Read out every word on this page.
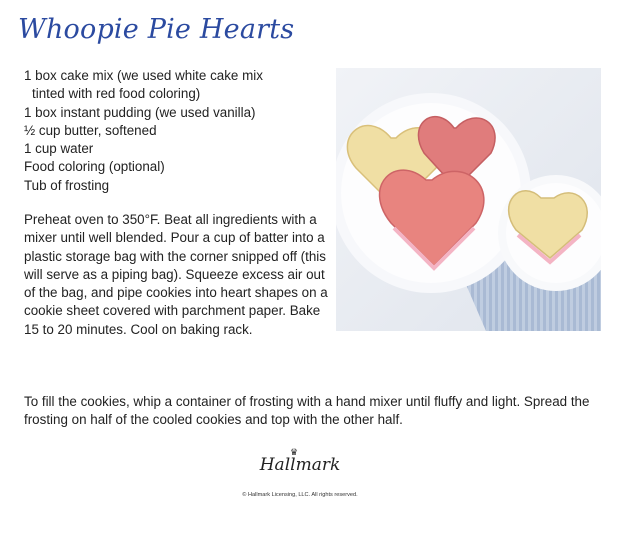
Whoopie Pie Hearts
1 box cake mix (we used white cake mix
tinted with red food coloring)
1 box instant pudding (we used vanilla)
½ cup butter, softened
1 cup water
Food coloring (optional)
Tub of frosting

Preheat oven to 350°F. Beat all ingredients with a mixer until well blended. Pour a cup of batter into a plastic storage bag with the corner snipped off (this will serve as a piping bag). Squeeze excess air out of the bag, and pipe cookies into heart shapes on a cookie sheet covered with parchment paper. Bake 15 to 20 minutes. Cool on baking rack.

To fill the cookies, whip a container of frosting with a hand mixer until fluffy and light. Spread the frosting on half of the cooled cookies and top with the other half.

Hallmark
♛
© Hallmark Licensing, LLC. All rights reserved.
